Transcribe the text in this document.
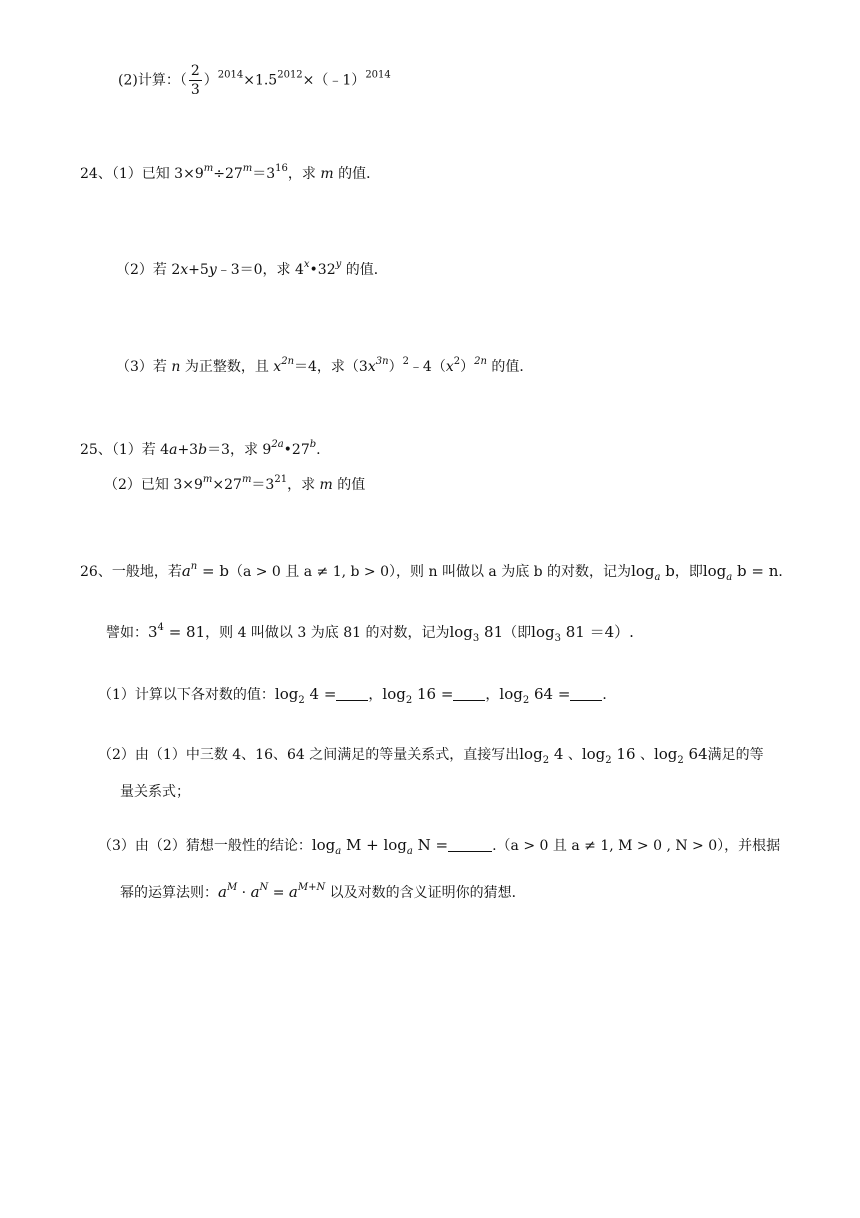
(2)计算：（ $\frac{2}{3}$ ）$^{2014}\times 1.5^{2012}\times(﹣1)^{2014}$
24、（1）已知 $3\times 9^m\div 27^m=3^{16}$，求 m 的值．
（2）若 2x+5y﹣3＝0，求 4$^x$•32$^y$ 的值．
（3）若 n 为正整数，且 $x^{2n}=4$，求$(3x^{3n})^2﹣4(x^2)^{2n}$ 的值．
25、（1）若 4a+3b＝3，求 $9^{2a}•27^b$.
（2）已知 $3\times 9^m\times 27^m=3^{21}$，求 m 的值
26、一般地，若$a^n = b(a > 0$ 且 a ≠ 1, b > 0），则 n 叫做以 a 为底 b 的对数，记为$\log_a b$，即$\log_a b = n$．
譬如：$3^4 = 81$，则 4 叫做以 3 为底 81 的对数，记为$\log_3 81$（即$\log_3 81 =4$）.
（1）计算以下各对数的值：$\log_2 4$ = ，$\log_2 16$ = ，$\log_2 64$ = ．
（2）由（1）中三数 4、16、64 之间满足的等量关系式，直接写出$\log_2 4$ 、$\log_2 16$ 、$\log_2 64$满足的等
量关系式；
（3）由（2）猜想一般性的结论：$\log_a M + \log_a N$ =	.（a > 0 且 a ≠ 1, M > 0 , N > 0），并根据
幂的运算法则：$a^M \cdot a^N = a^{M+N}$ 以及对数的含义证明你的猜想．
